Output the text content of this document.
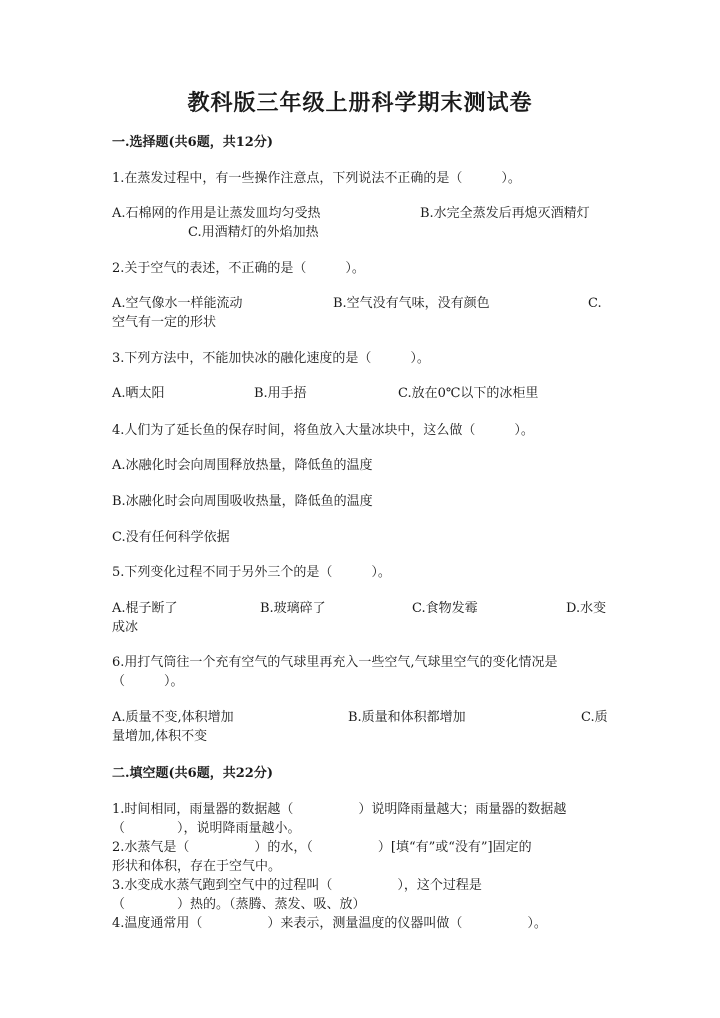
教科版三年级上册科学期末测试卷
一.选择题(共6题，共12分)
1.在蒸发过程中，有一些操作注意点，下列说法不正确的是（　　　）。
A.石棉网的作用是让蒸发皿均匀受热	B.水完全蒸发后再熄灭酒精灯
C.用酒精灯的外焰加热
2.关于空气的表述，不正确的是（　　　）。
A.空气像水一样能流动	B.空气没有气味，没有颜色	C.
空气有一定的形状
3.下列方法中，不能加快冰的融化速度的是（　　　）。
A.晒太阳	B.用手捂	C.放在0℃以下的冰柜里
4.人们为了延长鱼的保存时间，将鱼放入大量冰块中，这么做（　　　）。
A.冰融化时会向周围释放热量，降低鱼的温度
B.冰融化时会向周围吸收热量，降低鱼的温度
C.没有任何科学依据
5.下列变化过程不同于另外三个的是（　　　）。
A.棍子断了	B.玻璃碎了	C.食物发霉	D.水变
成冰
6.用打气筒往一个充有空气的气球里再充入一些空气,气球里空气的变化情况是
（　　　）。
A.质量不变,体积增加	B.质量和体积都增加	C.质
量增加,体积不变
二.填空题(共6题，共22分)
1.时间相同，雨量器的数据越（　　　　　）说明降雨量越大；雨量器的数据越
（　　　　），说明降雨量越小。
2.水蒸气是（　　　　　）的水，（　　　　　）[填“有”或“没有”]固定的
形状和体积，存在于空气中。
3.水变成水蒸气跑到空气中的过程叫（　　　　　），这个过程是
（　　　　）热的。（蒸腾、蒸发、吸、放）
4.温度通常用（　　　　　）来表示，测量温度的仪器叫做（　　　　　）。
